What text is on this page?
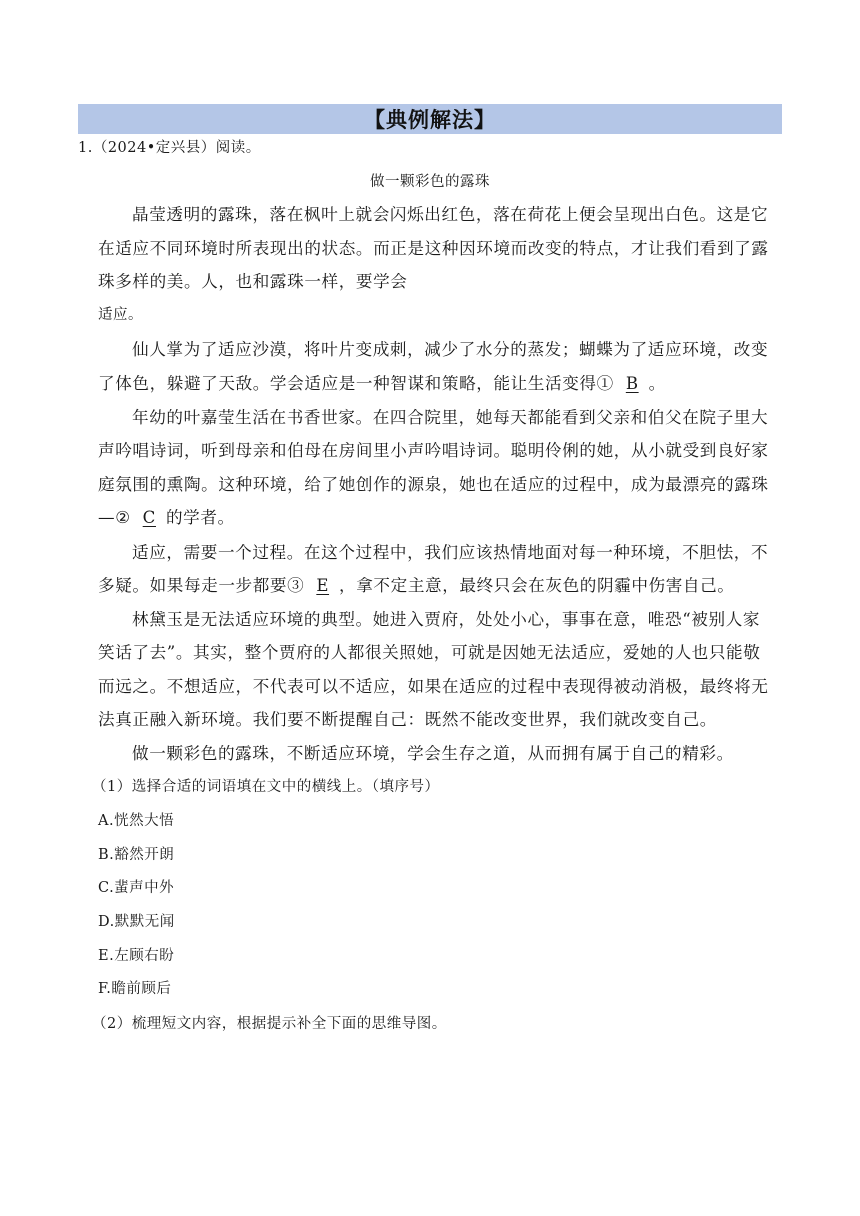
【典例解法】
1.（2024•定兴县）阅读。
做一颗彩色的露珠
晶莹透明的露珠，落在枫叶上就会闪烁出红色，落在荷花上便会呈现出白色。这是它
在适应不同环境时所表现出的状态。而正是这种因环境而改变的特点，才让我们看到了露
珠多样的美。人，也和露珠一样，要学会
适应。
仙人掌为了适应沙漠，将叶片变成刺，减少了水分的蒸发；蝴蝶为了适应环境，改变
了体色，躲避了天敌。学会适应是一种智谋和策略，能让生活变得① B 。
年幼的叶嘉莹生活在书香世家。在四合院里，她每天都能看到父亲和伯父在院子里大
声吟唱诗词，听到母亲和伯母在房间里小声吟唱诗词。聪明伶俐的她，从小就受到良好家
庭氛围的熏陶。这种环境，给了她创作的源泉，她也在适应的过程中，成为最漂亮的露珠
—② C 的学者。
适应，需要一个过程。在这个过程中，我们应该热情地面对每一种环境，不胆怯，不
多疑。如果每走一步都要③ E ，拿不定主意，最终只会在灰色的阴霾中伤害自己。
林黛玉是无法适应环境的典型。她进入贾府，处处小心，事事在意，唯恐“被别人家
笑话了去”。其实，整个贾府的人都很关照她，可就是因她无法适应，爱她的人也只能敬
而远之。不想适应，不代表可以不适应，如果在适应的过程中表现得被动消极，最终将无
法真正融入新环境。我们要不断提醒自己：既然不能改变世界，我们就改变自己。
做一颗彩色的露珠，不断适应环境，学会生存之道，从而拥有属于自己的精彩。
（1）选择合适的词语填在文中的横线上。（填序号）
A.恍然大悟
B.豁然开朗
C.蜚声中外
D.默默无闻
E.左顾右盼
F.瞻前顾后
（2）梳理短文内容，根据提示补全下面的思维导图。
